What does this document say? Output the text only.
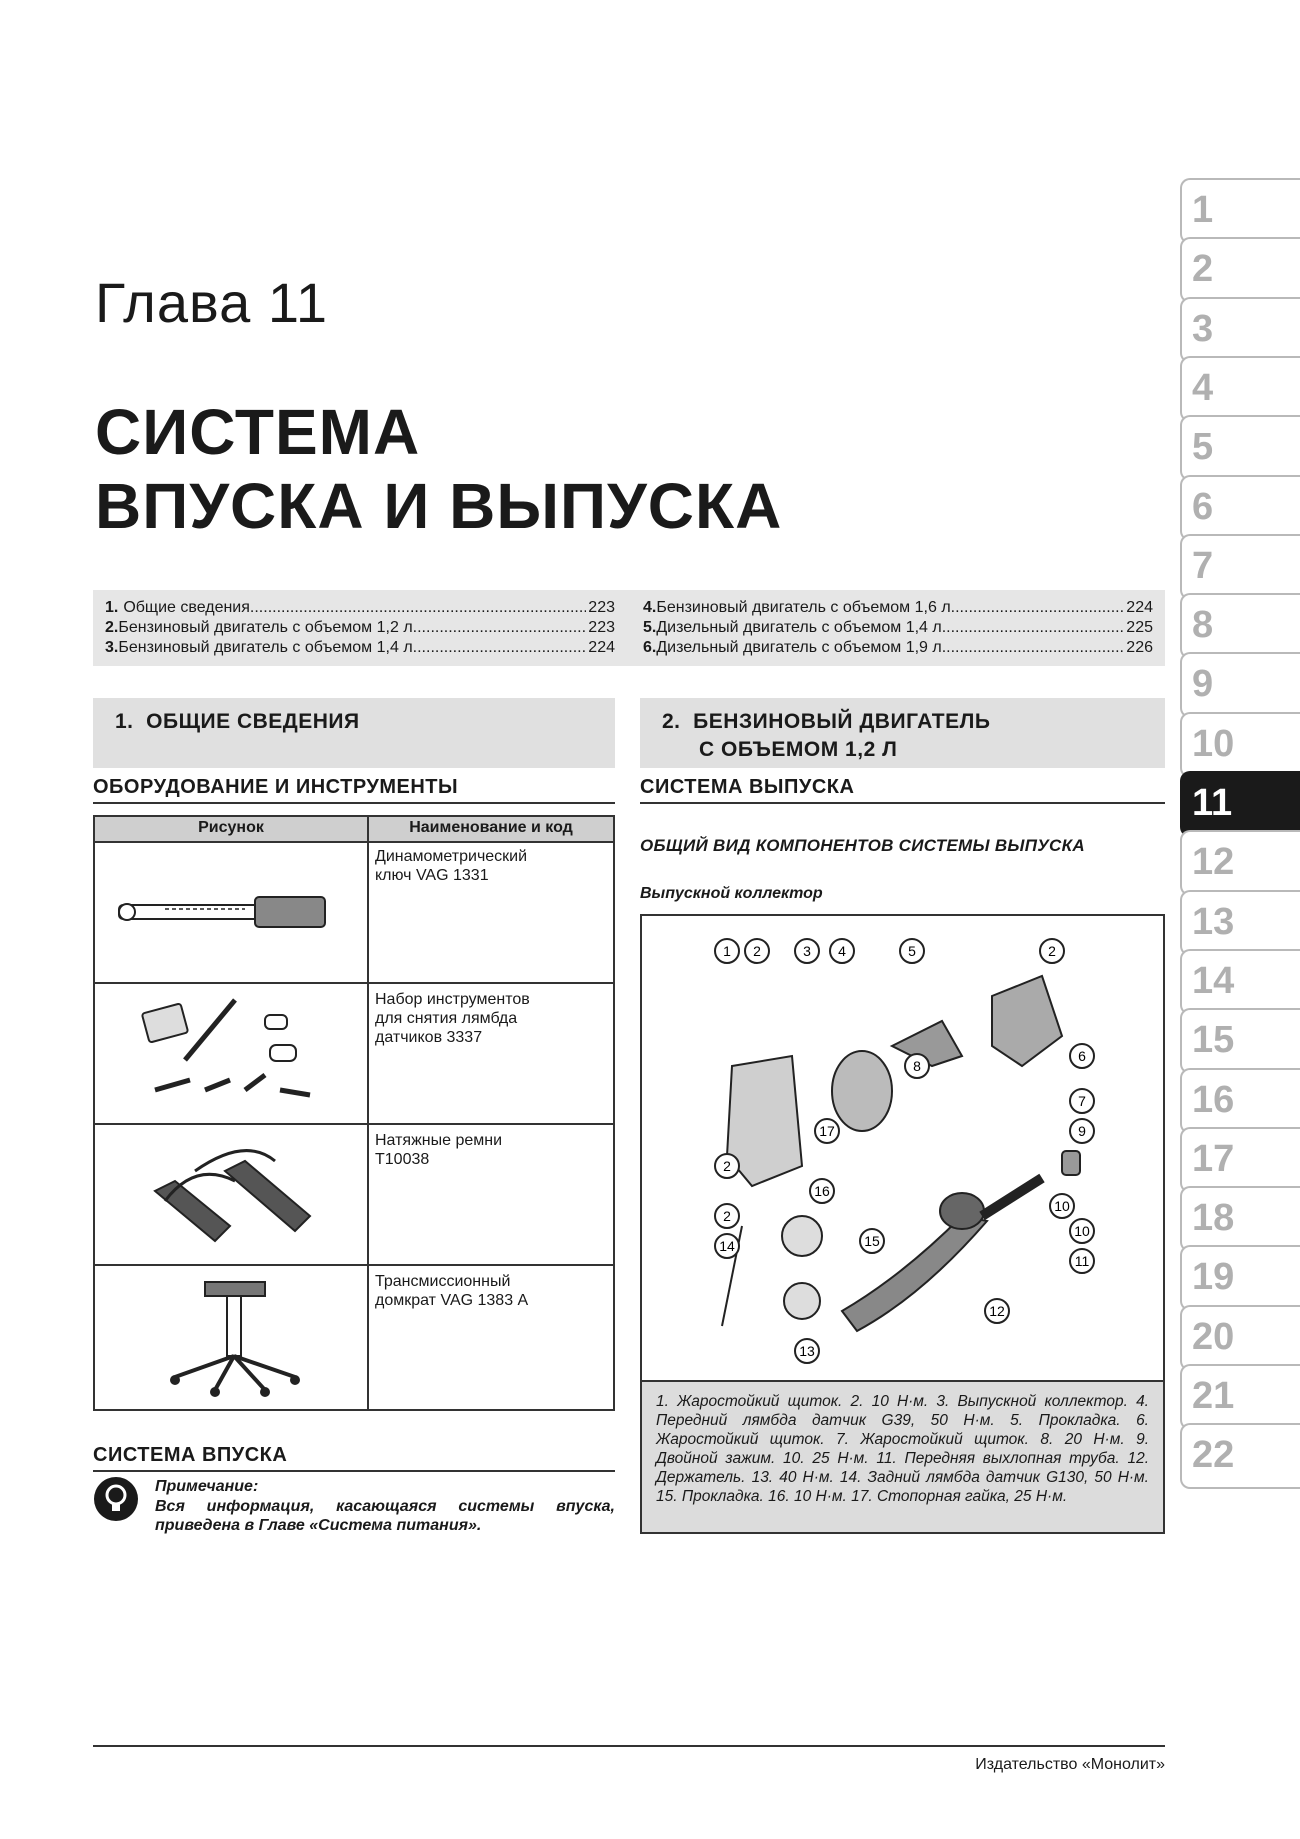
Глава 11
СИСТЕМА
ВПУСКА И ВЫПУСКА
1. Общие сведения .....	223
2. Бензиновый двигатель с объемом 1,2 л .....	223
3. Бензиновый двигатель с объемом 1,4 л .....	224
4. Бензиновый двигатель с объемом 1,6 л .....	224
5. Дизельный двигатель с объемом 1,4 л .....	225
6. Дизельный двигатель с объемом 1,9 л .....	226
1.  ОБЩИЕ СВЕДЕНИЯ
ОБОРУДОВАНИЕ И ИНСТРУМЕНТЫ
Рисунок	Наименование и код
Динамометрический
ключ VAG 1331
Набор инструментов
для снятия лямбда
датчиков 3337
Натяжные ремни
T10038
Трансмиссионный
домкрат VAG 1383 А
СИСТЕМА ВПУСКА
Примечание:
Вся информация, касающаяся системы впуска, приведена в Главе «Система питания».
2.  БЕНЗИНОВЫЙ ДВИГАТЕЛЬ
С ОБЪЕМОМ 1,2 Л
СИСТЕМА ВЫПУСКА
ОБЩИЙ ВИД КОМПОНЕНТОВ СИСТЕМЫ ВЫПУСКА
Выпускной коллектор
1 2	3 4	5	2
6
7
8
9
10
11
12
13
14	15
16
17
2
2
10
1. Жаростойкий щиток. 2. 10 Н·м. 3. Выпускной коллектор. 4. Передний лямбда датчик G39, 50 Н·м. 5. Прокладка. 6. Жаростойкий щиток. 7. Жаростойкий щиток. 8. 20 Н·м. 9. Двойной зажим. 10. 25 Н·м. 11. Передняя выхлопная труба. 12. Держатель. 13. 40 Н·м. 14. Задний лямбда датчик G130, 50 Н·м. 15. Прокладка. 16. 10 Н·м. 17. Стопорная гайка, 25 Н·м.
1
2
3
4
5
6
7
8
9
10
11
12
13
14
15
16
17
18
19
20
21
22
Издательство «Монолит»
